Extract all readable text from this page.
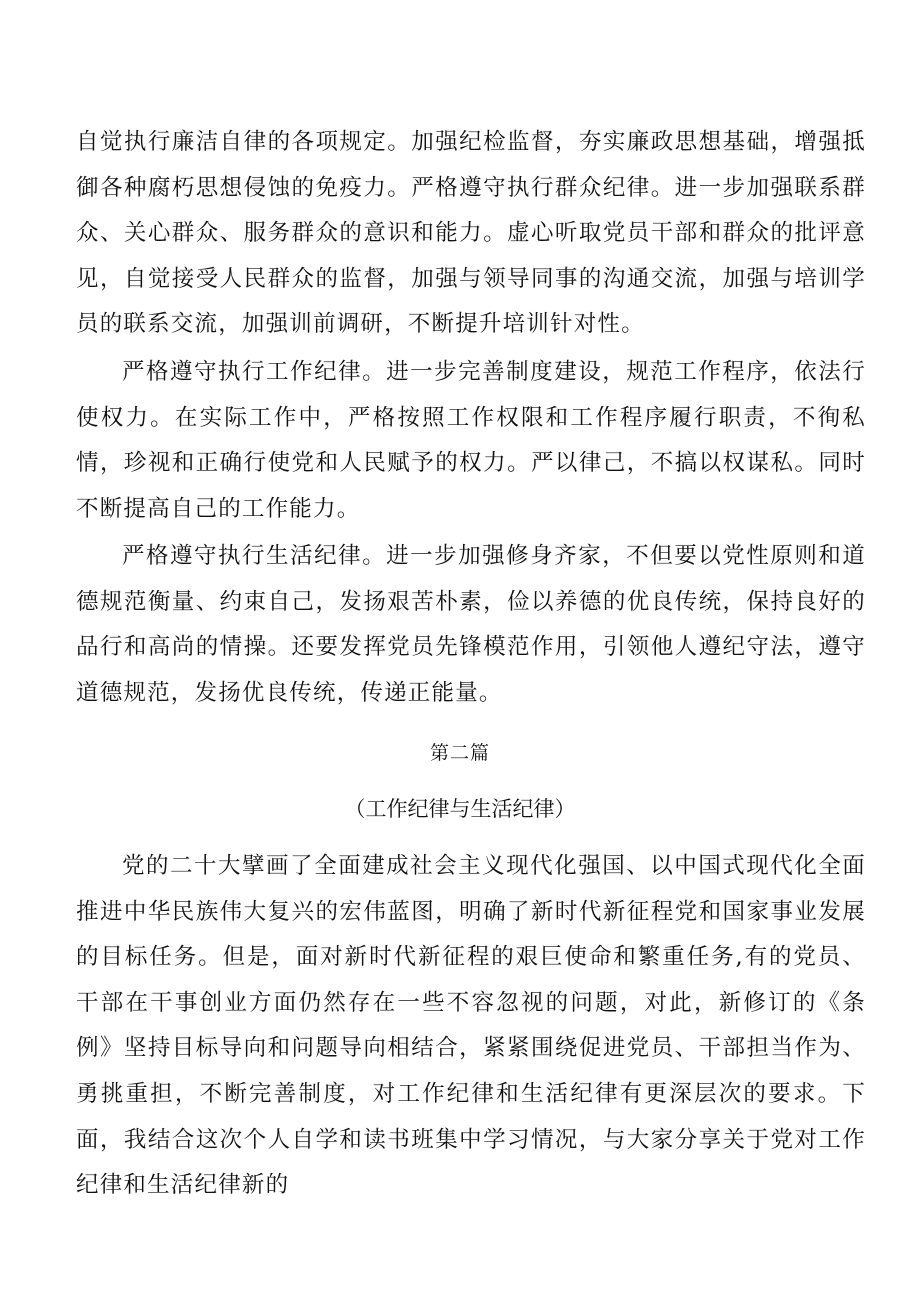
自觉执行廉洁自律的各项规定。加强纪检监督，夯实廉政思想基础，增强抵御各种腐朽思想侵蚀的免疫力。严格遵守执行群众纪律。进一步加强联系群众、关心群众、服务群众的意识和能力。虚心听取党员干部和群众的批评意见，自觉接受人民群众的监督，加强与领导同事的沟通交流，加强与培训学员的联系交流，加强训前调研，不断提升培训针对性。

严格遵守执行工作纪律。进一步完善制度建设，规范工作程序，依法行使权力。在实际工作中，严格按照工作权限和工作程序履行职责，不徇私情，珍视和正确行使党和人民赋予的权力。严以律己，不搞以权谋私。同时不断提高自己的工作能力。

严格遵守执行生活纪律。进一步加强修身齐家，不但要以党性原则和道德规范衡量、约束自己，发扬艰苦朴素，俭以养德的优良传统，保持良好的品行和高尚的情操。还要发挥党员先锋模范作用，引领他人遵纪守法，遵守道德规范，发扬优良传统，传递正能量。

第二篇
（工作纪律与生活纪律）

党的二十大擘画了全面建成社会主义现代化强国、以中国式现代化全面推进中华民族伟大复兴的宏伟蓝图，明确了新时代新征程党和国家事业发展的目标任务。但是，面对新时代新征程的艰巨使命和繁重任务,有的党员、干部在干事创业方面仍然存在一些不容忽视的问题，对此，新修订的《条例》坚持目标导向和问题导向相结合，紧紧围绕促进党员、干部担当作为、勇挑重担，不断完善制度，对工作纪律和生活纪律有更深层次的要求。下面，我结合这次个人自学和读书班集中学习情况，与大家分享关于党对工作纪律和生活纪律新的
